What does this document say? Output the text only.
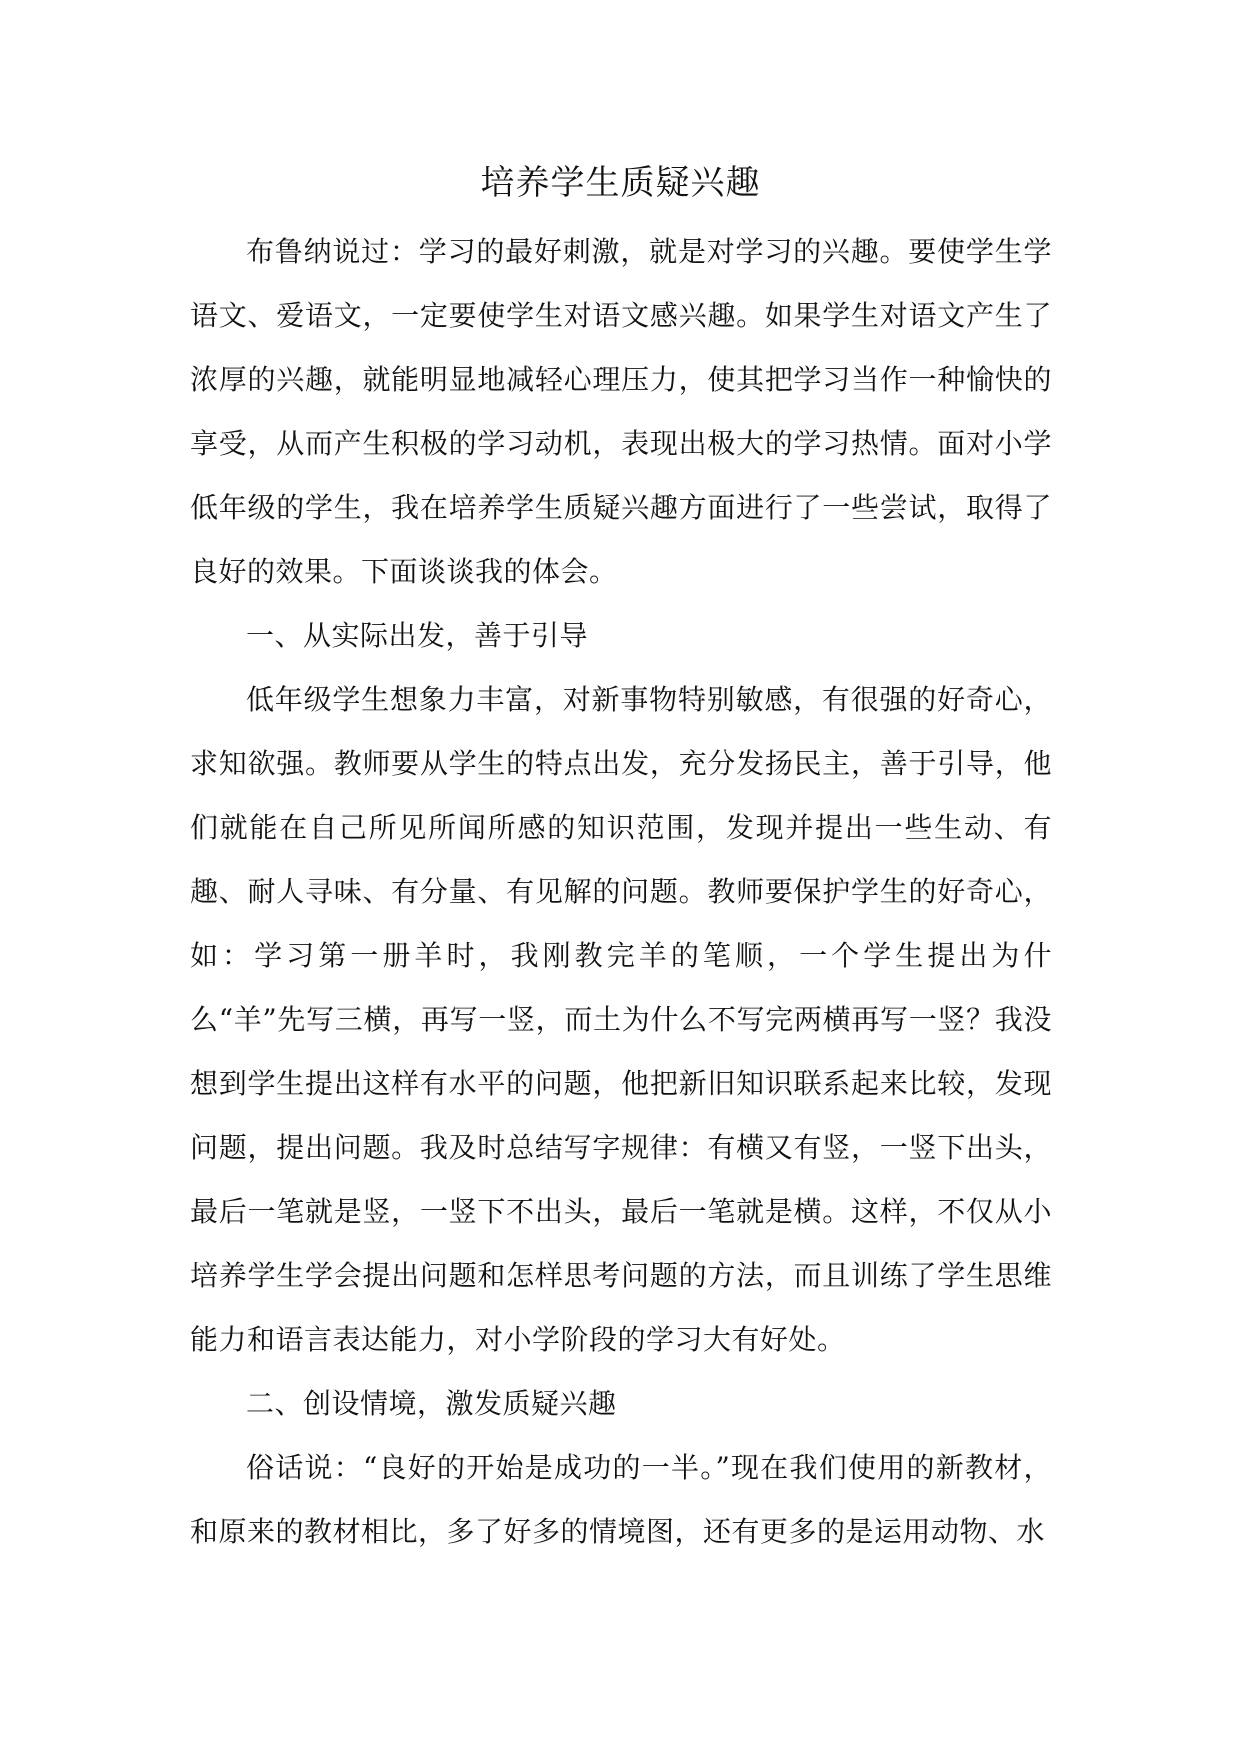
培养学生质疑兴趣

布鲁纳说过：学习的最好刺激，就是对学习的兴趣。要使学生学语文、爱语文，一定要使学生对语文感兴趣。如果学生对语文产生了浓厚的兴趣，就能明显地减轻心理压力，使其把学习当作一种愉快的享受，从而产生积极的学习动机，表现出极大的学习热情。面对小学低年级的学生，我在培养学生质疑兴趣方面进行了一些尝试，取得了良好的效果。下面谈谈我的体会。

一、从实际出发，善于引导

低年级学生想象力丰富，对新事物特别敏感，有很强的好奇心，求知欲强。教师要从学生的特点出发，充分发扬民主，善于引导，他们就能在自己所见所闻所感的知识范围，发现并提出一些生动、有趣、耐人寻味、有分量、有见解的问题。教师要保护学生的好奇心，如：学习第一册羊时，我刚教完羊的笔顺，一个学生提出为什么“羊”先写三横，再写一竖，而土为什么不写完两横再写一竖？我没想到学生提出这样有水平的问题，他把新旧知识联系起来比较，发现问题，提出问题。我及时总结写字规律：有横又有竖，一竖下出头，最后一笔就是竖，一竖下不出头，最后一笔就是横。这样，不仅从小培养学生学会提出问题和怎样思考问题的方法，而且训练了学生思维能力和语言表达能力，对小学阶段的学习大有好处。

二、创设情境，激发质疑兴趣

俗话说：“良好的开始是成功的一半。”现在我们使用的新教材，和原来的教材相比，多了好多的情境图，还有更多的是运用动物、水
